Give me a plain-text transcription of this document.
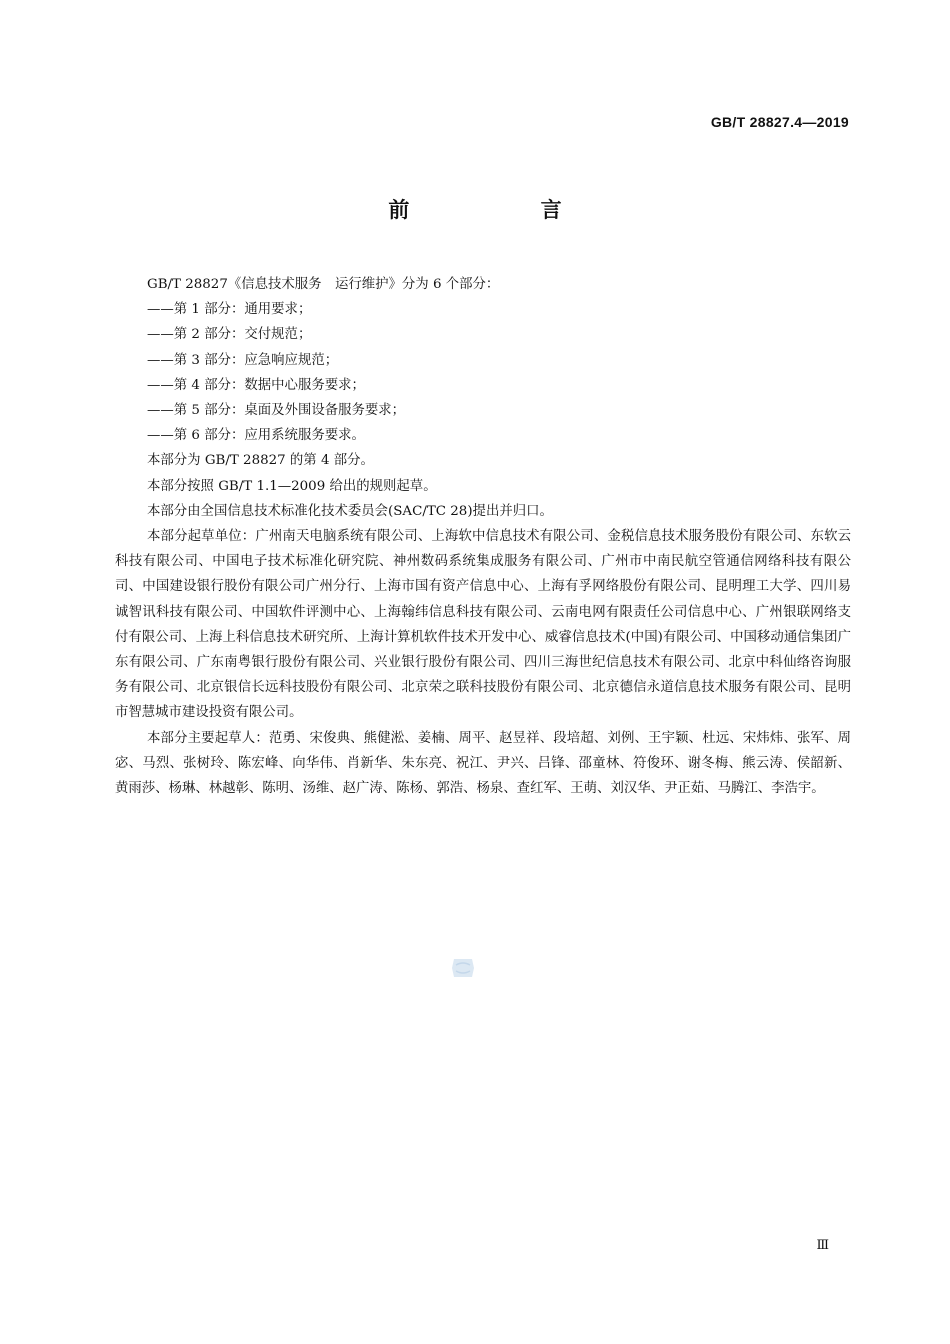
GB/T 28827.4—2019
前 言

GB/T 28827《信息技术服务　运行维护》分为 6 个部分：

——第 1 部分：通用要求；

——第 2 部分：交付规范；

——第 3 部分：应急响应规范；

——第 4 部分：数据中心服务要求；

——第 5 部分：桌面及外围设备服务要求；

——第 6 部分：应用系统服务要求。

本部分为 GB/T 28827 的第 4 部分。

本部分按照 GB/T 1.1—2009 给出的规则起草。

本部分由全国信息技术标准化技术委员会(SAC/TC 28)提出并归口。

本部分起草单位：广州南天电脑系统有限公司、上海软中信息技术有限公司、金税信息技术服务股份有限公司、东软云科技有限公司、中国电子技术标准化研究院、神州数码系统集成服务有限公司、广州市中南民航空管通信网络科技有限公司、中国建设银行股份有限公司广州分行、上海市国有资产信息中心、上海有孚网络股份有限公司、昆明理工大学、四川易诚智讯科技有限公司、中国软件评测中心、上海翰纬信息科技有限公司、云南电网有限责任公司信息中心、广州银联网络支付有限公司、上海上科信息技术研究所、上海计算机软件技术开发中心、威睿信息技术(中国)有限公司、中国移动通信集团广东有限公司、广东南粤银行股份有限公司、兴业银行股份有限公司、四川三海世纪信息技术有限公司、北京中科仙络咨询服务有限公司、北京银信长远科技股份有限公司、北京荣之联科技股份有限公司、北京德信永道信息技术服务有限公司、昆明市智慧城市建设投资有限公司。

本部分主要起草人：范勇、宋俊典、熊健淞、姜楠、周平、赵昱祥、段培超、刘例、王宇颖、杜远、宋炜炜、张军、周宓、马烈、张树玲、陈宏峰、向华伟、肖新华、朱东亮、祝江、尹兴、吕锋、邵童林、符俊环、谢冬梅、熊云涛、侯韶新、黄雨莎、杨琳、林越彰、陈明、汤维、赵广涛、陈杨、郭浩、杨泉、查红军、王萌、刘汉华、尹正茹、马腾江、李浩宇。

Ⅲ
